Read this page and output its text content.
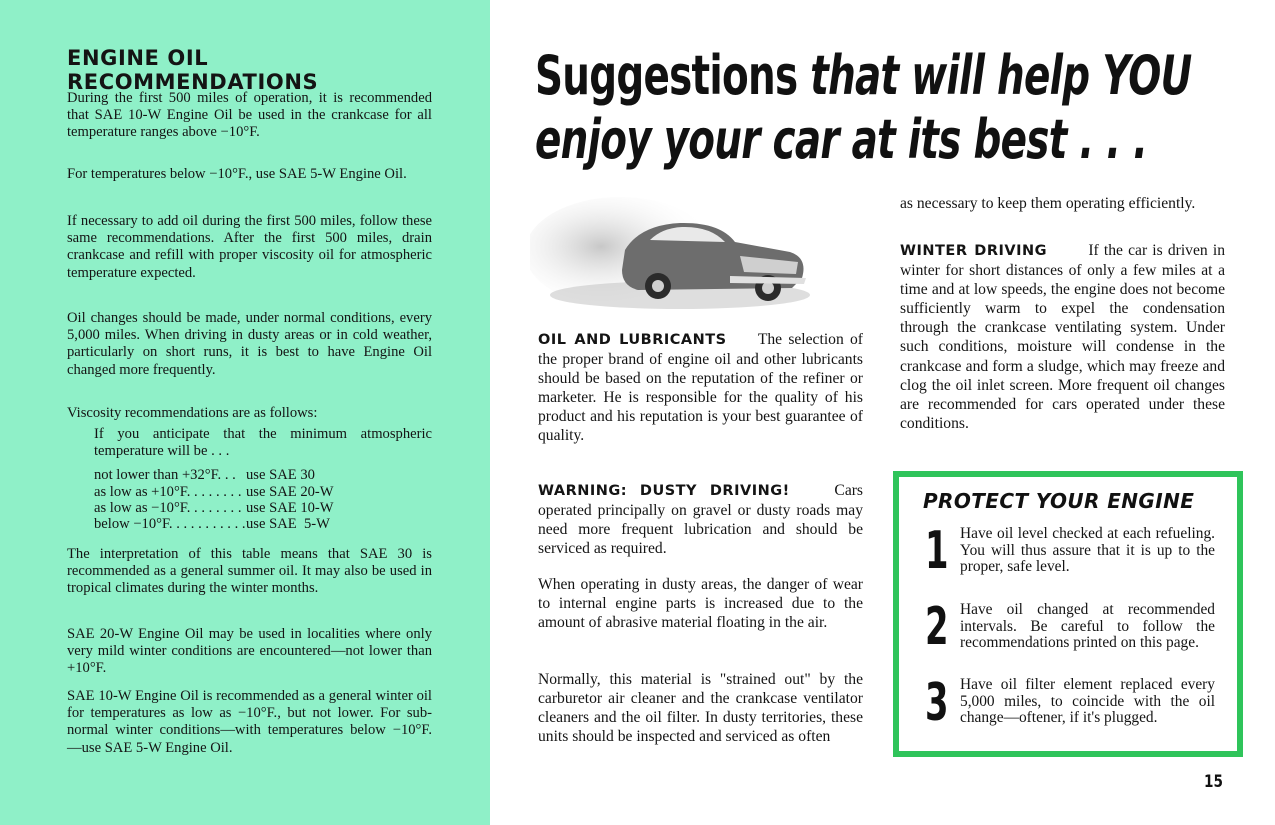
ENGINE OIL RECOMMENDATIONS

During the first 500 miles of operation, it is recommended that SAE 10-W Engine Oil be used in the crankcase for all temperature ranges above −10°F.

For temperatures below −10°F., use SAE 5-W Engine Oil.

If necessary to add oil during the first 500 miles, follow these same recommendations. After the first 500 miles, drain crankcase and refill with proper viscosity oil for atmospheric temperature expected.

Oil changes should be made, under normal conditions, every 5,000 miles. When driving in dusty areas or in cold weather, particularly on short runs, it is best to have Engine Oil changed more frequently.

Viscosity recommendations are as follows:

If you anticipate that the minimum atmospheric temperature will be . . .

not lower than +32°F. . . use SAE 30
as low as +10°F. . . . . . . . use SAE 20-W
as low as −10°F. . . . . . . . use SAE 10-W
below −10°F. . . . . . . . . . .use SAE  5-W

The interpretation of this table means that SAE 30 is recommended as a general summer oil. It may also be used in tropical climates during the winter months.

SAE 20-W Engine Oil may be used in localities where only very mild winter conditions are encountered—not lower than +10°F.

SAE 10-W Engine Oil is recommended as a general winter oil for temperatures as low as −10°F., but not lower. For sub-normal winter conditions—with temperatures below −10°F. —use SAE 5-W Engine Oil.

Suggestions that will help YOU
enjoy your car at its best . . .

OIL AND LUBRICANTS The selection of the proper brand of engine oil and other lubricants should be based on the reputation of the refiner or marketer. He is responsible for the quality of his product and his reputation is your best guarantee of quality.

WARNING: DUSTY DRIVING!	Cars operated principally on gravel or dusty roads may need more frequent lubrication and should be serviced as required.

When operating in dusty areas, the danger of wear to internal engine parts is increased due to the amount of abrasive material floating in the air.

Normally, this material is "strained out" by the carburetor air cleaner and the crankcase ventilator cleaners and the oil filter. In dusty territories, these units should be inspected and serviced as often

as necessary to keep them operating efficiently.

WINTER DRIVING	If the car is driven in winter for short distances of only a few miles at a time and at low speeds, the engine does not become sufficiently warm to expel the condensation through the crankcase ventilating system. Under such conditions, moisture will condense in the crankcase and form a sludge, which may freeze and clog the oil inlet screen. More frequent oil changes are recommended for cars operated under these conditions.

PROTECT YOUR ENGINE
1 Have oil level checked at each refueling. You will thus assure that it is up to the proper, safe level.

2 Have oil changed at recommended intervals. Be careful to follow the recommendations printed on this page.

3 Have oil filter element replaced every 5,000 miles, to coincide with the oil change—oftener, if it's plugged.

15
